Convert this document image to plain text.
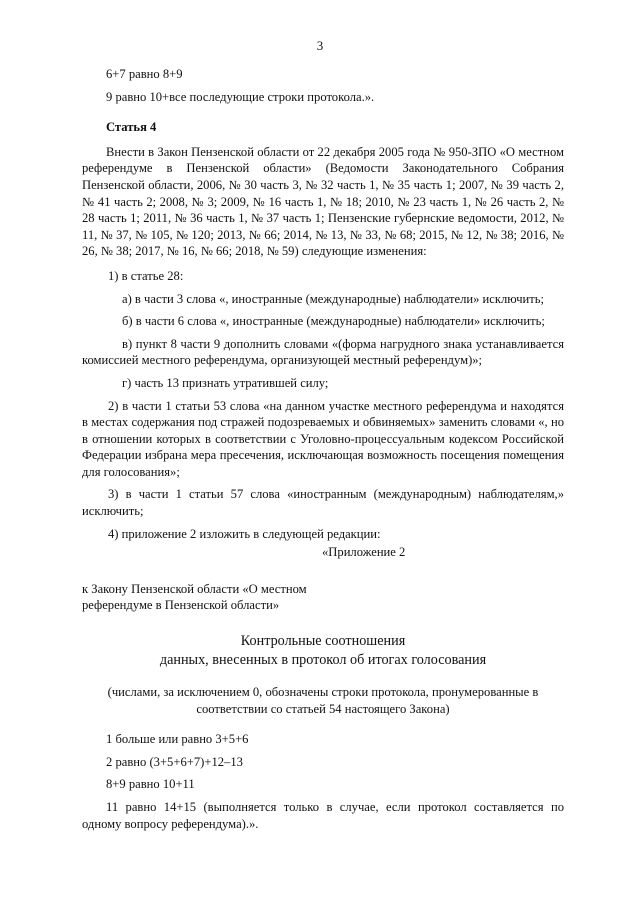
3

6+7 равно 8+9

9 равно 10+все последующие строки протокола.».

Статья 4

Внести в Закон Пензенской области от 22 декабря 2005 года № 950-ЗПО «О местном референдуме в Пензенской области» (Ведомости Законодательного Собрания Пензенской области, 2006, № 30 часть 3, № 32 часть 1, № 35 часть 1; 2007, № 39 часть 2, № 41 часть 2; 2008, № 3; 2009, № 16 часть 1, № 18; 2010, № 23 часть 1, № 26 часть 2, № 28 часть 1; 2011, № 36 часть 1, № 37 часть 1; Пензенские губернские ведомости, 2012, № 11, № 37, № 105, № 120; 2013, № 66; 2014, № 13, № 33, № 68; 2015, № 12, № 38; 2016, № 26, № 38; 2017, № 16, № 66; 2018, № 59) следующие изменения:

1) в статье 28:

а) в части 3 слова «, иностранные (международные) наблюдатели» исключить;

б) в части 6 слова «, иностранные (международные) наблюдатели» исключить;

в) пункт 8 части 9 дополнить словами «(форма нагрудного знака устанавливается комиссией местного референдума, организующей местный референдум)»;

г) часть 13 признать утратившей силу;

2) в части 1 статьи 53 слова «на данном участке местного референдума и находятся в местах содержания под стражей подозреваемых и обвиняемых» заменить словами «, но в отношении которых в соответствии с Уголовно-процессуальным кодексом Российской Федерации избрана мера пресечения, исключающая возможность посещения помещения для голосования»;

3) в части 1 статьи 57 слова «иностранным (международным) наблюдателям,» исключить;

4) приложение 2 изложить в следующей редакции:

«Приложение 2
к Закону Пензенской области «О местном
референдуме в Пензенской области»
Контрольные соотношения
данных, внесенных в протокол об итогах голосования
(числами, за исключением 0, обозначены строки протокола, пронумерованные в
соответствии со статьей 54 настоящего Закона)

1 больше или равно 3+5+6

2 равно (3+5+6+7)+12–13

8+9 равно 10+11

11 равно 14+15 (выполняется только в случае, если протокол составляется по одному вопросу референдума).».
